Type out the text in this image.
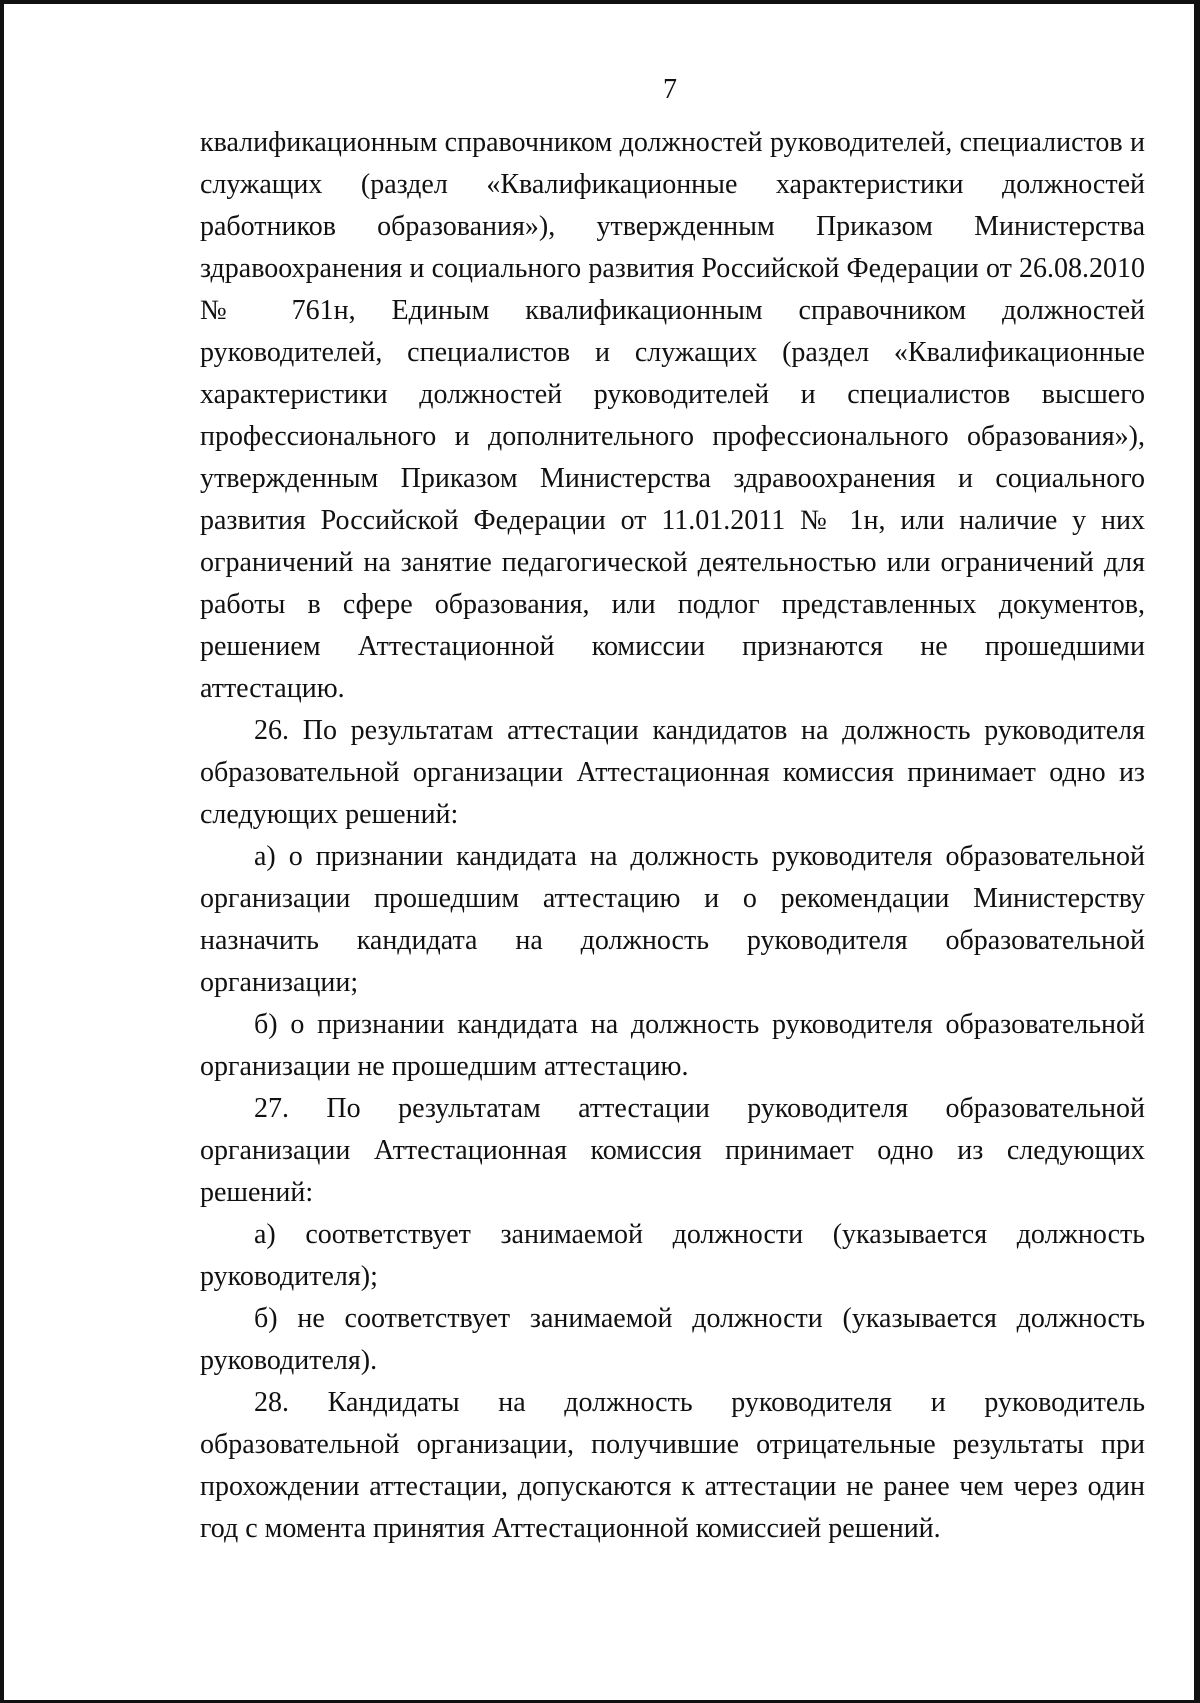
7

квалификационным справочником должностей руководителей, специалистов и служащих (раздел «Квалификационные характеристики должностей работников образования»), утвержденным Приказом Министерства здравоохранения и социального развития Российской Федерации от 26.08.2010 № 761н, Единым квалификационным справочником должностей руководителей, специалистов и служащих (раздел «Квалификационные характеристики должностей руководителей и специалистов высшего профессионального и дополнительного профессионального образования»), утвержденным Приказом Министерства здравоохранения и социального развития Российской Федерации от 11.01.2011 № 1н, или наличие у них ограничений на занятие педагогической деятельностью или ограничений для работы в сфере образования, или подлог представленных документов, решением Аттестационной комиссии признаются не прошедшими аттестацию.

26. По результатам аттестации кандидатов на должность руководителя образовательной организации Аттестационная комиссия принимает одно из следующих решений:

а) о признании кандидата на должность руководителя образовательной организации прошедшим аттестацию и о рекомендации Министерству назначить кандидата на должность руководителя образовательной организации;

б) о признании кандидата на должность руководителя образовательной организации не прошедшим аттестацию.

27. По результатам аттестации руководителя образовательной организации Аттестационная комиссия принимает одно из следующих решений:

а) соответствует занимаемой должности (указывается должность руководителя);

б) не соответствует занимаемой должности (указывается должность руководителя).

28. Кандидаты на должность руководителя и руководитель образовательной организации, получившие отрицательные результаты при прохождении аттестации, допускаются к аттестации не ранее чем через один год с момента принятия Аттестационной комиссией решений.
